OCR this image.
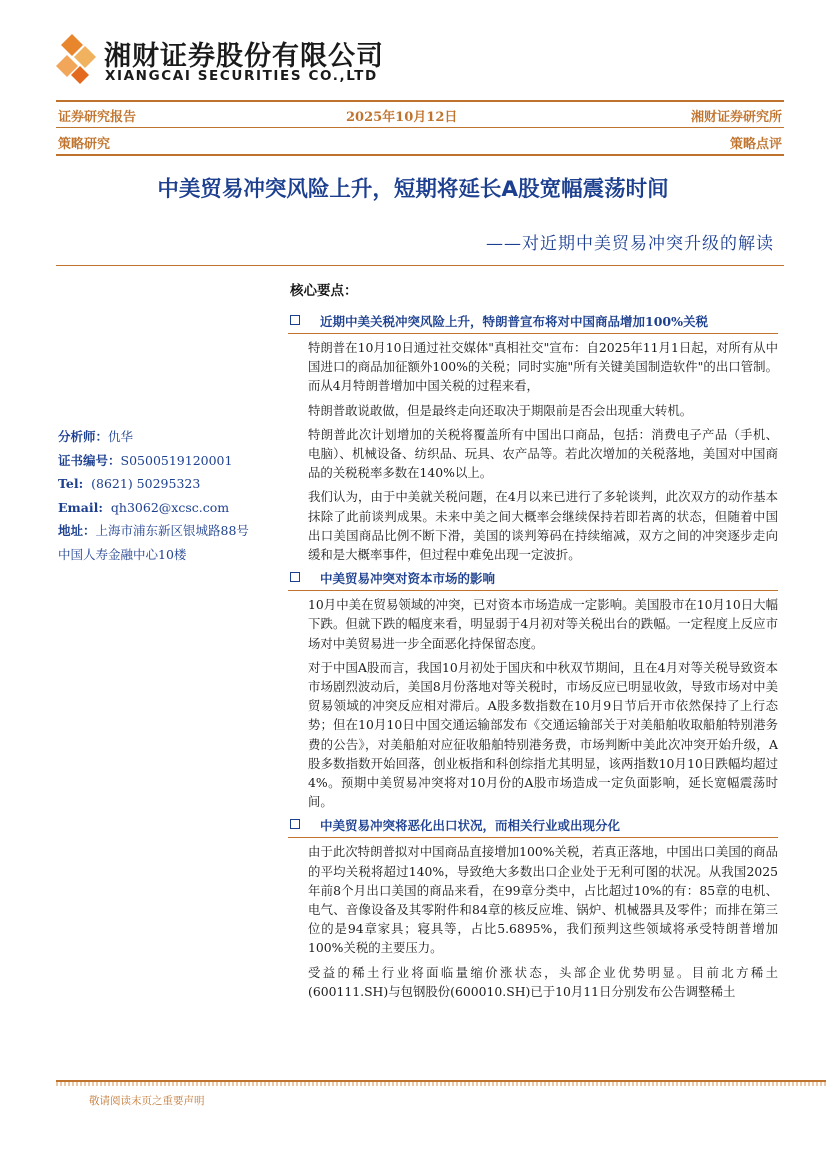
湘财证券股份有限公司
XIANGCAI SECURITIES CO.,LTD
证券研究报告	2025年10月12日	湘财证券研究所
策略研究	策略点评
中美贸易冲突风险上升，短期将延长A股宽幅震荡时间
——对近期中美贸易冲突升级的解读
分析师：仇华
证书编号：S0500519120001
Tel: (8621) 50295323
Email: qh3062@xcsc.com
地址：上海市浦东新区银城路88号
中国人寿金融中心10楼
核心要点：
近期中美关税冲突风险上升，特朗普宣布将对中国商品增加100%关税

特朗普在10月10日通过社交媒体"真相社交"宣布：自2025年11月1日起，对所有从中国进口的商品加征额外100%的关税；同时实施"所有关键美国制造软件"的出口管制。而从4月特朗普增加中国关税的过程来看，

特朗普敢说敢做，但是最终走向还取决于期限前是否会出现重大转机。

特朗普此次计划增加的关税将覆盖所有中国出口商品，包括：消费电子产品（手机、电脑）、机械设备、纺织品、玩具、农产品等。若此次增加的关税落地，美国对中国商品的关税税率多数在140%以上。

我们认为，由于中美就关税问题，在4月以来已进行了多轮谈判，此次双方的动作基本抹除了此前谈判成果。未来中美之间大概率会继续保持若即若离的状态，但随着中国出口美国商品比例不断下滑，美国的谈判筹码在持续缩减，双方之间的冲突逐步走向缓和是大概率事件，但过程中难免出现一定波折。

中美贸易冲突对资本市场的影响

10月中美在贸易领域的冲突，已对资本市场造成一定影响。美国股市在10月10日大幅下跌。但就下跌的幅度来看，明显弱于4月初对等关税出台的跌幅。一定程度上反应市场对中美贸易进一步全面恶化持保留态度。

对于中国A股而言，我国10月初处于国庆和中秋双节期间，且在4月对等关税导致资本市场剧烈波动后，美国8月份落地对等关税时，市场反应已明显收敛，导致市场对中美贸易领域的冲突反应相对滞后。A股多数指数在10月9日节后开市依然保持了上行态势；但在10月10日中国交通运输部发布《交通运输部关于对美船舶收取船舶特别港务费的公告》，对美船舶对应征收船舶特别港务费，市场判断中美此次冲突开始升级，A股多数指数开始回落，创业板指和科创综指尤其明显，该两指数10月10日跌幅均超过4%。预期中美贸易冲突将对10月份的A股市场造成一定负面影响，延长宽幅震荡时间。

中美贸易冲突将恶化出口状况，而相关行业或出现分化

由于此次特朗普拟对中国商品直接增加100%关税，若真正落地，中国出口美国的商品的平均关税将超过140%，导致绝大多数出口企业处于无利可图的状况。从我国2025年前8个月出口美国的商品来看，在99章分类中，占比超过10%的有：85章的电机、电气、音像设备及其零附件和84章的核反应堆、锅炉、机械器具及零件；而排在第三位的是94章家具；寝具等，占比5.6895%，我们预判这些领域将承受特朗普增加100%关税的主要压力。

受益的稀土行业将面临量缩价涨状态，头部企业优势明显。目前北方稀土(600111.SH)与包钢股份(600010.SH)已于10月11日分别发布公告调整稀土

敬请阅读末页之重要声明
